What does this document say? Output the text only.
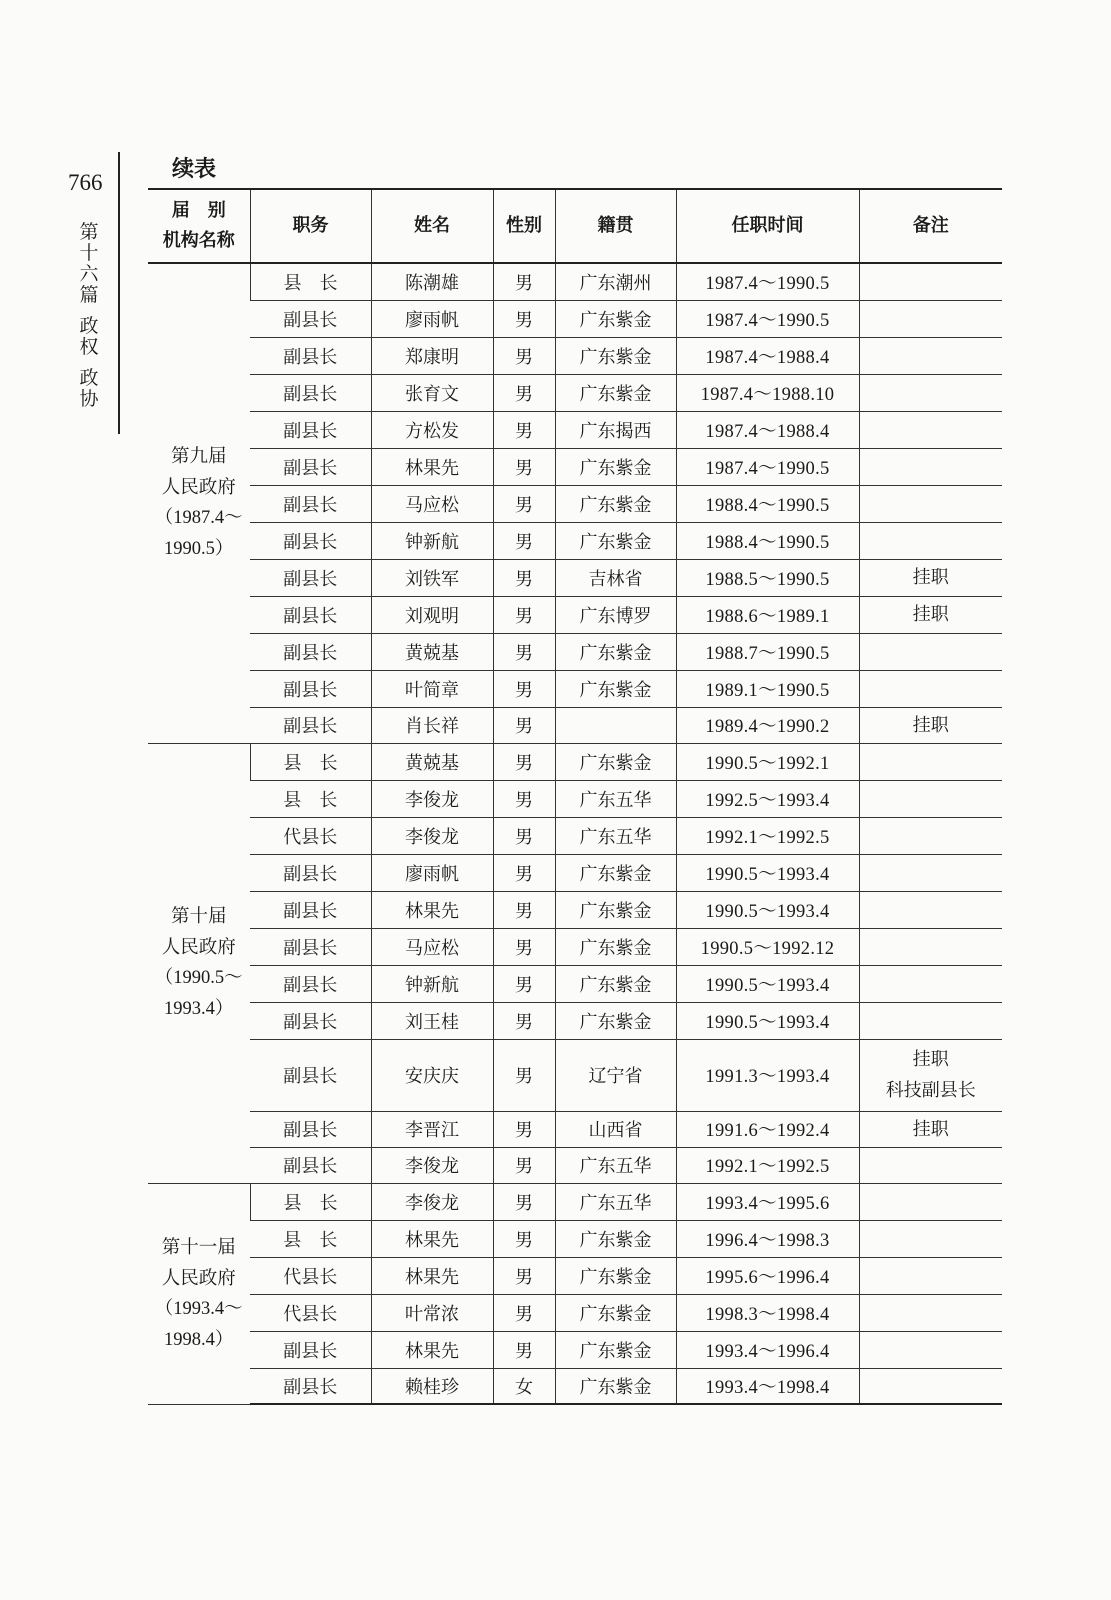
766
第
十
六
篇
政
权
政
协
续表
届　别
机构名称	职务	姓名	性别	籍贯	任职时间	备注

第九届
人民政府
（1987.4～
1990.5）	县　长	陈潮雄	男	广东潮州	1987.4～1990.5	
	副县长	廖雨帆	男	广东紫金	1987.4～1990.5	
	副县长	郑康明	男	广东紫金	1987.4～1988.4	
	副县长	张育文	男	广东紫金	1987.4～1988.10	
	副县长	方松发	男	广东揭西	1987.4～1988.4	
	副县长	林果先	男	广东紫金	1987.4～1990.5	
	副县长	马应松	男	广东紫金	1988.4～1990.5	
	副县长	钟新航	男	广东紫金	1988.4～1990.5	
	副县长	刘铁军	男	吉林省	1988.5～1990.5	挂职

	副县长	刘观明	男	广东博罗	1988.6～1989.1	挂职

	副县长	黄兢基	男	广东紫金	1988.7～1990.5	
	副县长	叶简章	男	广东紫金	1989.1～1990.5	
	副县长	肖长祥	男		1989.4～1990.2	挂职

第十届
人民政府
（1990.5～
1993.4）	县　长	黄兢基	男	广东紫金	1990.5～1992.1	
	县　长	李俊龙	男	广东五华	1992.5～1993.4	
	代县长	李俊龙	男	广东五华	1992.1～1992.5	
	副县长	廖雨帆	男	广东紫金	1990.5～1993.4	
	副县长	林果先	男	广东紫金	1990.5～1993.4	
	副县长	马应松	男	广东紫金	1990.5～1992.12	
	副县长	钟新航	男	广东紫金	1990.5～1993.4	
	副县长	刘王桂	男	广东紫金	1990.5～1993.4	
	副县长	安庆庆	男	辽宁省	1991.3～1993.4	挂职
科技副县长

	副县长	李晋江	男	山西省	1991.6～1992.4	挂职

	副县长	李俊龙	男	广东五华	1992.1～1992.5	

第十一届
人民政府
（1993.4～
1998.4）	县　长	李俊龙	男	广东五华	1993.4～1995.6	
	县　长	林果先	男	广东紫金	1996.4～1998.3	
	代县长	林果先	男	广东紫金	1995.6～1996.4	
	代县长	叶常浓	男	广东紫金	1998.3～1998.4	
	副县长	林果先	男	广东紫金	1993.4～1996.4	
	副县长	赖桂珍	女	广东紫金	1993.4～1998.4	
